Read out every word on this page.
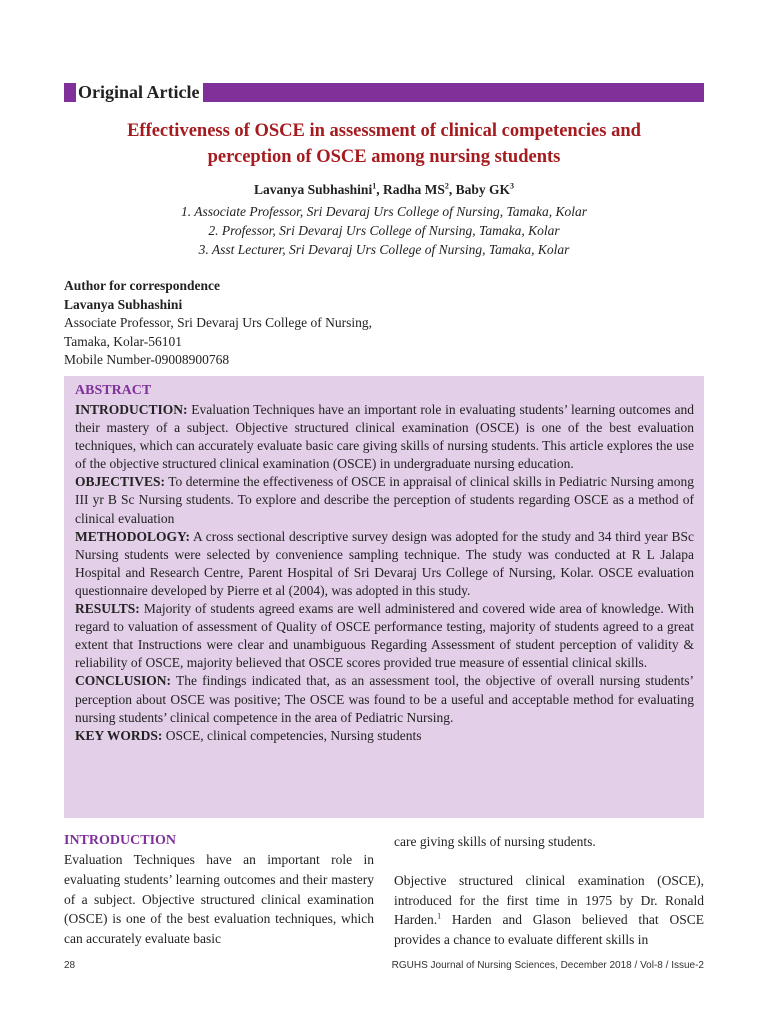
Original Article
Effectiveness of OSCE in assessment of clinical competencies and
perception of OSCE among nursing students

Lavanya Subhashini$^1$, Radha $MS^2$, Baby $GK^3$

1. Associate Professor, Sri Devaraj Urs College of Nursing, Tamaka, Kolar

2. Professor, Sri Devaraj Urs College of Nursing, Tamaka, Kolar

3. Asst Lecturer, Sri Devaraj Urs College of Nursing, Tamaka, Kolar

Author for correspondence
Lavanya Subhashini
Associate Professor, Sri Devaraj Urs College of Nursing,
Tamaka, Kolar-56101
Mobile Number-09008900768
ABSTRACT

INTRODUCTION: Evaluation Techniques have an important role in evaluating students’ learning outcomes and their mastery of a subject. Objective structured clinical examination (OSCE) is one of the best evaluation techniques, which can accurately evaluate basic care giving skills of nursing students. This article explores the use of the objective structured clinical examination (OSCE) in undergraduate nursing education.

OBJECTIVES: To determine the effectiveness of OSCE in appraisal of clinical skills in Pediatric Nursing among III yr B Sc Nursing students. To explore and describe the perception of students regarding OSCE as a method of clinical evaluation

METHODOLOGY: A cross sectional descriptive survey design was adopted for the study and 34 third year BSc Nursing students were selected by convenience sampling technique. The study was conducted at R L Jalapa Hospital and Research Centre, Parent Hospital of Sri Devaraj Urs College of Nursing, Kolar. OSCE evaluation questionnaire developed by Pierre et al (2004), was adopted in this study.

RESULTS: Majority of students agreed exams are well administered and covered wide area of knowledge. With regard to valuation of assessment of Quality of OSCE performance testing, majority of students agreed to a great extent that Instructions were clear and unambiguous Regarding Assessment of student perception of validity & reliability of OSCE, majority believed that OSCE scores provided true measure of essential clinical skills.

CONCLUSION: The findings indicated that, as an assessment tool, the objective of overall nursing students’ perception about OSCE was positive; The OSCE was found to be a useful and acceptable method for evaluating nursing students’ clinical competence in the area of Pediatric Nursing.

KEY WORDS: OSCE, clinical competencies, Nursing students

INTRODUCTION

Evaluation Techniques have an important role in evaluating students’ learning outcomes and their mastery of a subject. Objective structured clinical examination (OSCE) is one of the best evaluation techniques, which can accurately evaluate basic

care giving skills of nursing students.

Objective structured clinical examination (OSCE), introduced for the first time in 1975 by Dr. Ronald Harden.$^1$ Harden and Glason believed that OSCE provides a chance to evaluate different skills in

28	RGUHS Journal of Nursing Sciences, December 2018 / Vol-8 / Issue-2
